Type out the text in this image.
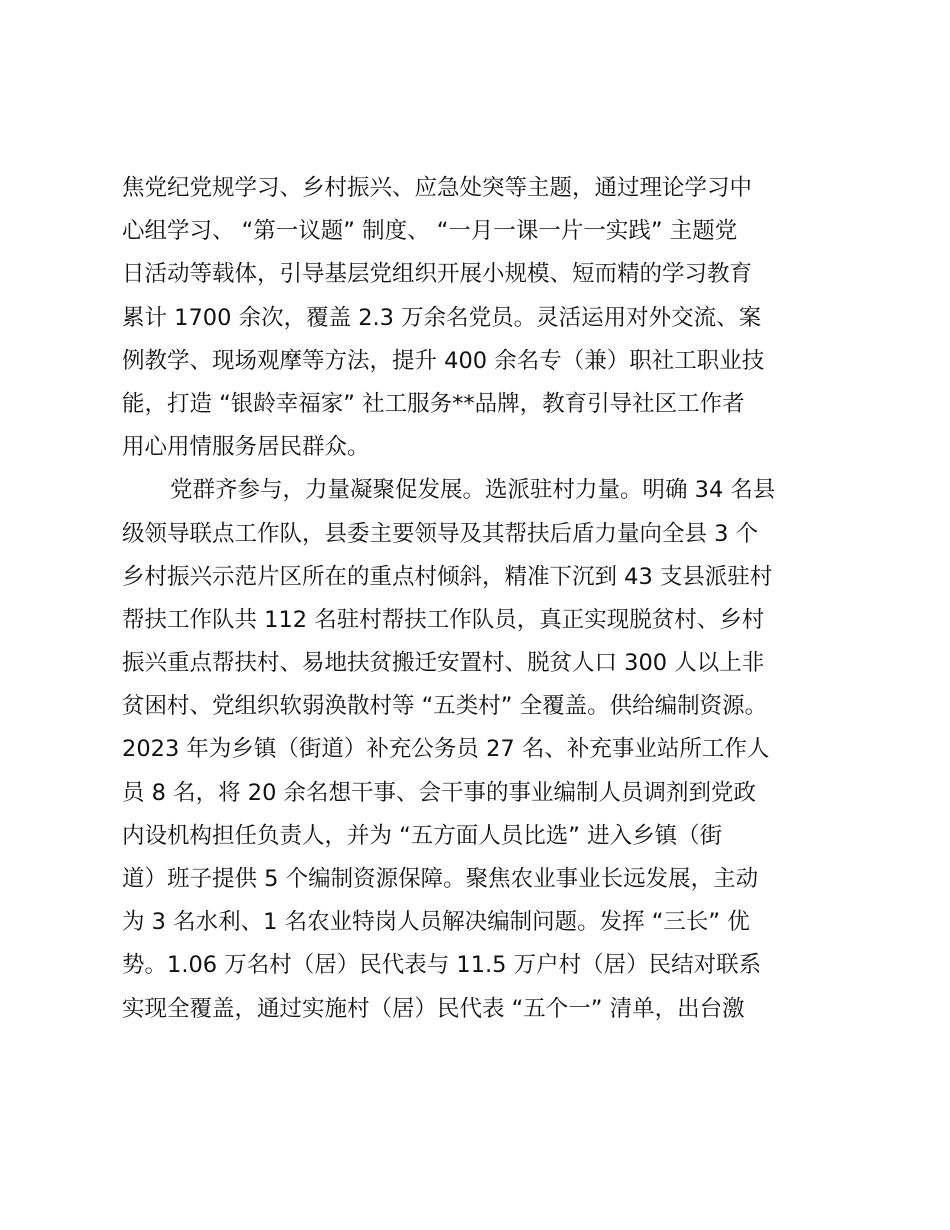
焦党纪党规学习、乡村振兴、应急处突等主题，通过理论学习中
心组学习、 “第一议题” 制度、 “一月一课一片一实践” 主题党
日活动等载体，引导基层党组织开展小规模、短而精的学习教育
累计 1700 余次，覆盖 2.3 万余名党员。灵活运用对外交流、案
例教学、现场观摩等方法，提升 400 余名专（兼）职社工职业技
能，打造 “银龄幸福家” 社工服务**品牌，教育引导社区工作者
用心用情服务居民群众。
党群齐参与，力量凝聚促发展。选派驻村力量。明确 34 名县
级领导联点工作队，县委主要领导及其帮扶后盾力量向全县 3 个
乡村振兴示范片区所在的重点村倾斜，精准下沉到 43 支县派驻村
帮扶工作队共 112 名驻村帮扶工作队员，真正实现脱贫村、乡村
振兴重点帮扶村、易地扶贫搬迁安置村、脱贫人口 300 人以上非
贫困村、党组织软弱涣散村等 “五类村” 全覆盖。供给编制资源。
2023 年为乡镇（街道）补充公务员 27 名、补充事业站所工作人
员 8 名，将 20 余名想干事、会干事的事业编制人员调剂到党政
内设机构担任负责人，并为 “五方面人员比选” 进入乡镇（街
道）班子提供 5 个编制资源保障。聚焦农业事业长远发展，主动
为 3 名水利、1 名农业特岗人员解决编制问题。发挥 “三长” 优
势。1.06 万名村（居）民代表与 11.5 万户村（居）民结对联系
实现全覆盖，通过实施村（居）民代表 “五个一” 清单，出台激
